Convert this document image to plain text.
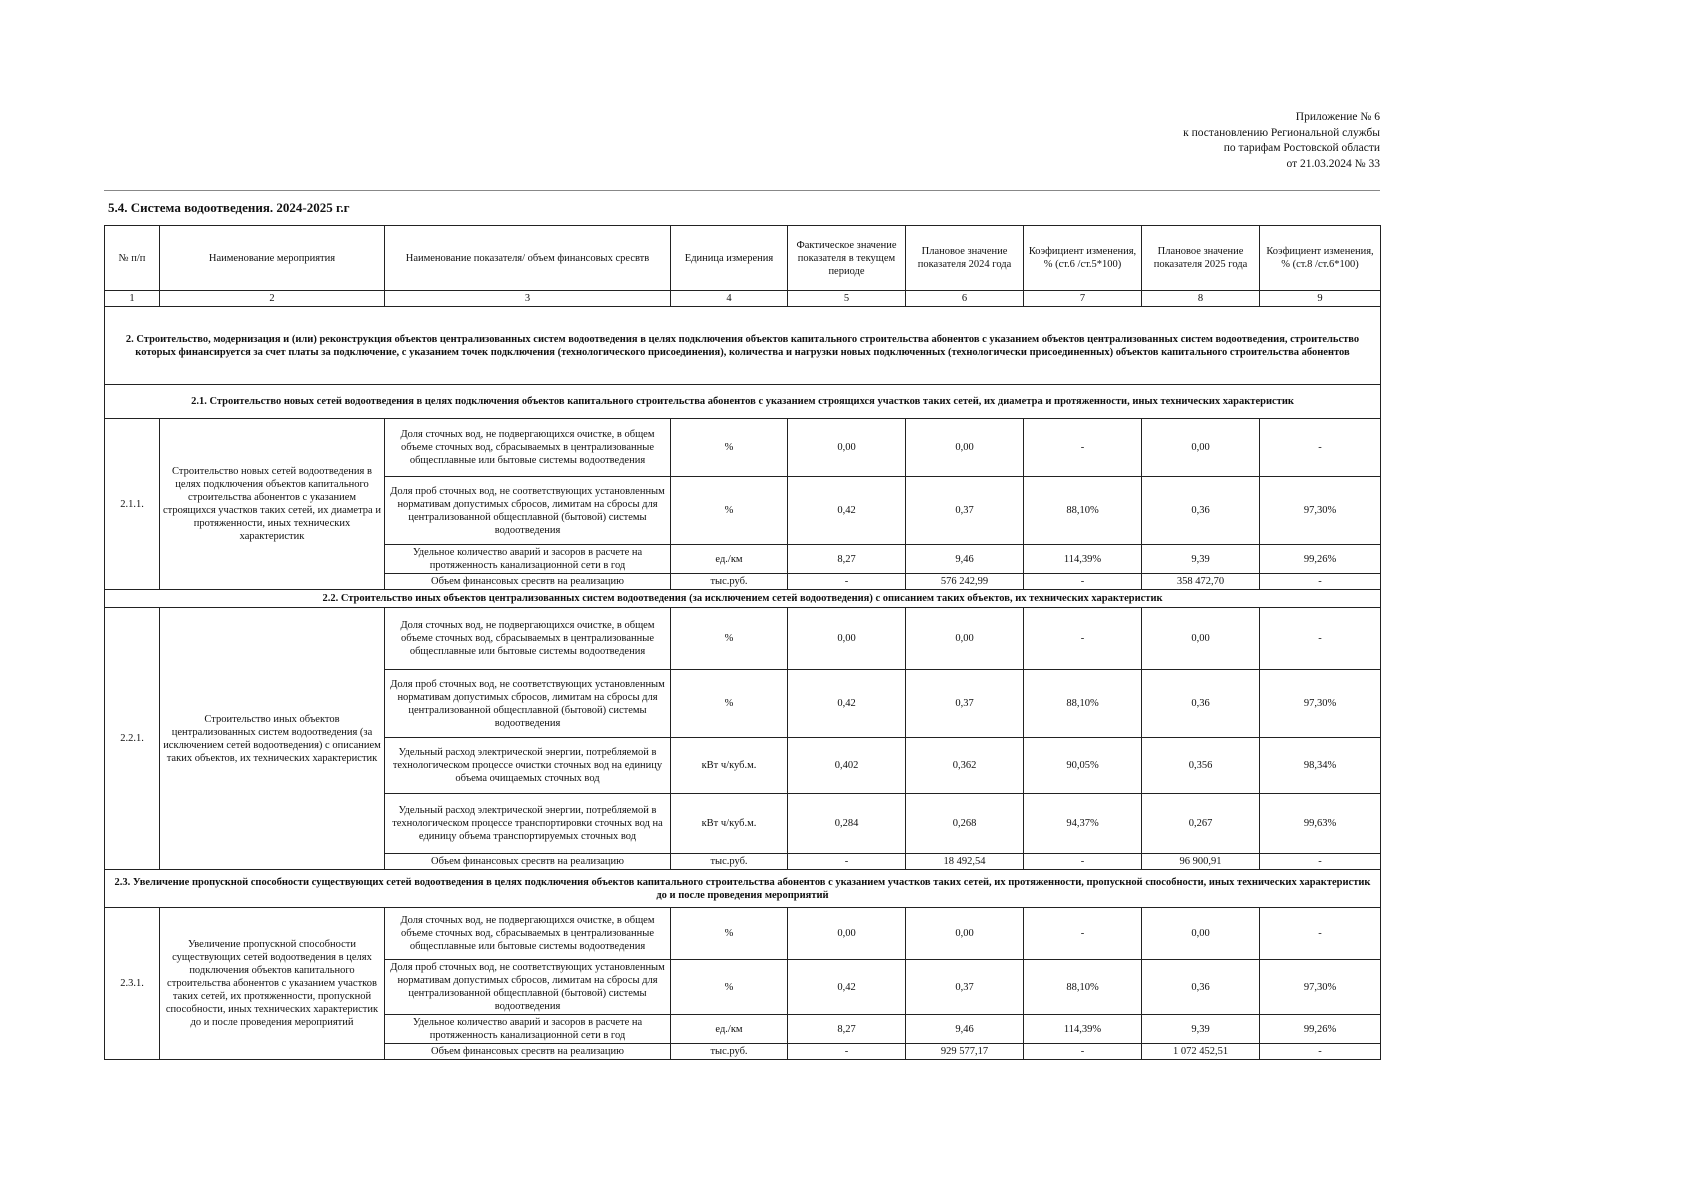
Приложение № 6
к постановлению Региональной службы
по тарифам Ростовской области
от 21.03.2024 № 33
5.4. Система водоотведения. 2024-2025 г.г
№ п/п	Наименование мероприятия	Наименование показателя/ объем финансовых сресвтв	Единица измерения	Фактическое значение показателя в текущем периоде	Плановое значение показателя 2024 года	Коэфициент изменения, % (ст.6 /ст.5*100)	Плановое значение показателя 2025 года	Коэфициент изменения, % (ст.8 /ст.6*100)
1	2	3	4	5	6	7	8	9
2. Строительство, модернизация и (или) реконструкция объектов централизованных систем водоотведения в целях подключения объектов капитального строительства абонентов с указанием объектов централизованных систем водоотведения, строительство которых финансируется за счет платы за подключение, с указанием точек подключения (технологического присоединения), количества и нагрузки новых подключенных (технологически присоединенных) объектов капитального строительства абонентов								
2.1. Строительство новых сетей водоотведения в целях подключения объектов капитального строительства абонентов с указанием строящихся участков таких сетей, их диаметра и протяженности, иных технических характеристик								
2.1.1.	Строительство новых сетей водоотведения в целях подключения объектов капитального строительства абонентов с указанием строящихся участков таких сетей, их диаметра и протяженности, иных технических характеристик	Доля сточных вод, не подвергающихся очистке, в общем объеме сточных вод, сбрасываемых в централизованные общесплавные или бытовые системы водоотведения	%	0,00	0,00	-	0,00	-
		Доля проб сточных вод, не соответствующих установленным нормативам допустимых сбросов, лимитам на сбросы для централизованной общесплавной (бытовой) системы водоотведения	%	0,42	0,37	88,10%	0,36	97,30%
		Удельное количество аварий и засоров в расчете на протяженность канализационной сети в год	ед./км	8,27	9,46	114,39%	9,39	99,26%
		Объем финансовых сресвтв на реализацию	тыс.руб.	-	576 242,99	-	358 472,70	-
2.2. Строительство иных объектов централизованных систем водоотведения (за исключением сетей водоотведения) с описанием таких объектов, их технических характеристик								
2.2.1.	Строительство иных объектов централизованных систем водоотведения (за исключением сетей водоотведения) с описанием таких объектов, их технических характеристик	Доля сточных вод, не подвергающихся очистке, в общем объеме сточных вод, сбрасываемых в централизованные общесплавные или бытовые системы водоотведения	%	0,00	0,00	-	0,00	-
		Доля проб сточных вод, не соответствующих установленным нормативам допустимых сбросов, лимитам на сбросы для централизованной общесплавной (бытовой) системы водоотведения	%	0,42	0,37	88,10%	0,36	97,30%
		Удельный расход электрической энергии, потребляемой в технологическом процессе очистки сточных вод на единицу объема очищаемых сточных вод	кВт ч/куб.м.	0,402	0,362	90,05%	0,356	98,34%
		Удельный расход электрической энергии, потребляемой в технологическом процессе транспортировки сточных вод на единицу объема транспортируемых сточных вод	кВт ч/куб.м.	0,284	0,268	94,37%	0,267	99,63%
		Объем финансовых сресвтв на реализацию	тыс.руб.	-	18 492,54	-	96 900,91	-
2.3. Увеличение пропускной способности существующих сетей водоотведения в целях подключения объектов капитального строительства абонентов с указанием участков таких сетей, их протяженности, пропускной способности, иных технических характеристик до и после проведения мероприятий								
2.3.1.	Увеличение пропускной способности существующих сетей водоотведения в целях подключения объектов капитального строительства абонентов с указанием участков таких сетей, их протяженности, пропускной способности, иных технических характеристик до и после проведения мероприятий	Доля сточных вод, не подвергающихся очистке, в общем объеме сточных вод, сбрасываемых в централизованные общесплавные или бытовые системы водоотведения	%	0,00	0,00	-	0,00	-
		Доля проб сточных вод, не соответствующих установленным нормативам допустимых сбросов, лимитам на сбросы для централизованной общесплавной (бытовой) системы водоотведения	%	0,42	0,37	88,10%	0,36	97,30%
		Удельное количество аварий и засоров в расчете на протяженность канализационной сети в год	ед./км	8,27	9,46	114,39%	9,39	99,26%
		Объем финансовых сресвтв на реализацию	тыс.руб.	-	929 577,17	-	1 072 452,51	-
